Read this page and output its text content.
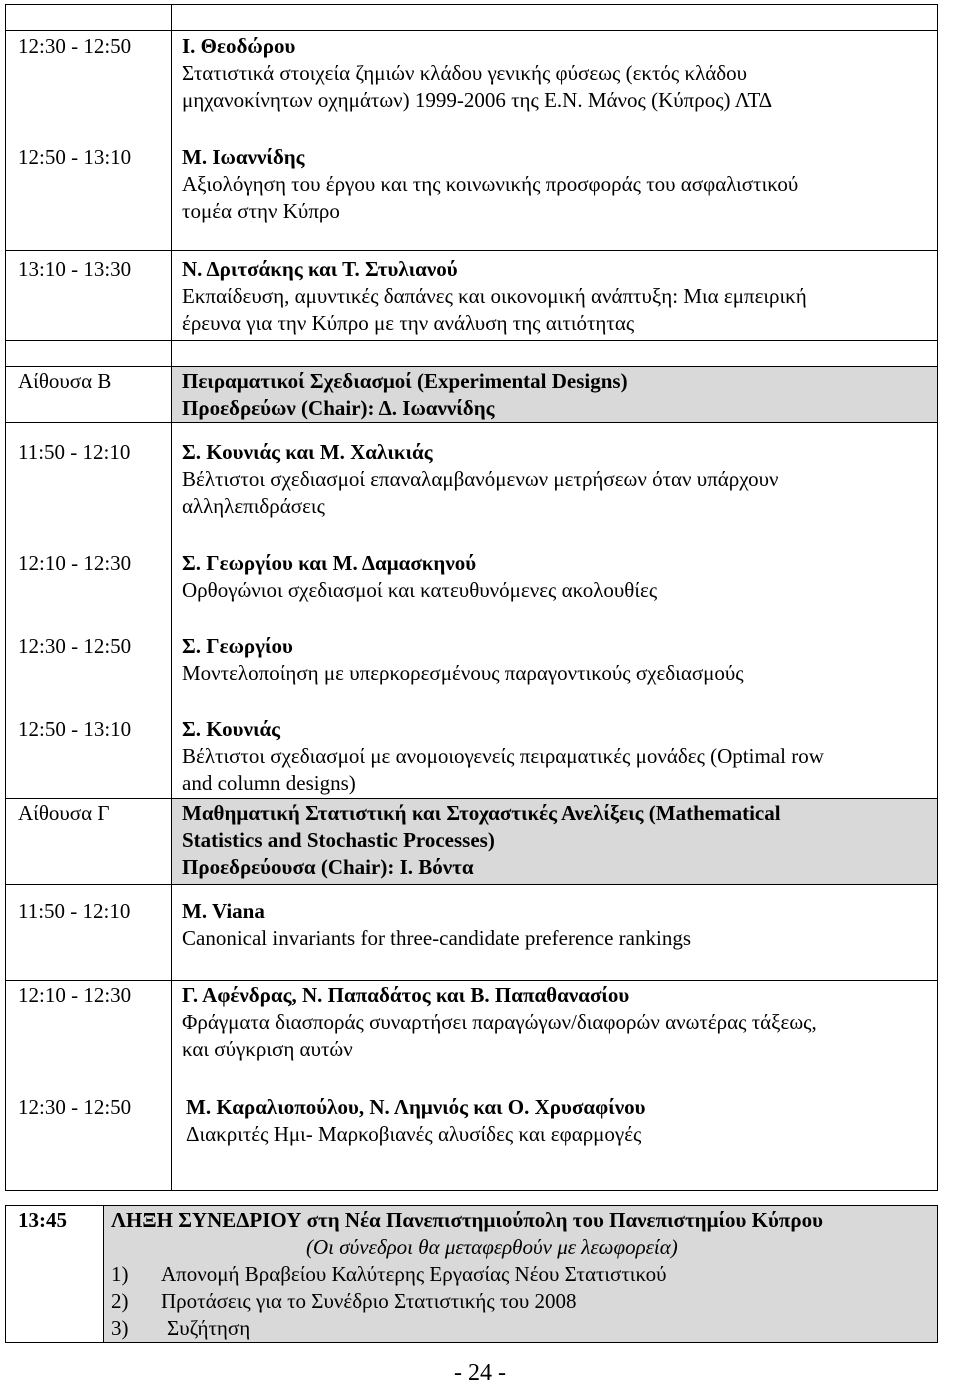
12:30 - 12:50 Ι. Θεοδώρου
Στατιστικά στοιχεία ζημιών κλάδου γενικής φύσεως (εκτός κλάδου
μηχανοκίνητων οχημάτων) 1999-2006 της Ε.Ν. Μάνος (Κύπρος) ΛΤΔ
12:50 - 13:10 Μ. Ιωαννίδης
Αξιολόγηση του έργου και της κοινωνικής προσφοράς του ασφαλιστικού
τομέα στην Κύπρο
13:10 - 13:30 Ν. Δριτσάκης και Τ. Στυλιανού
Εκπαίδευση, αμυντικές δαπάνες και οικονομική ανάπτυξη: Μια εμπειρική
έρευνα για την Κύπρο με την ανάλυση της αιτιότητας
Αίθουσα Β	Πειραματικοί Σχεδιασμοί (Experimental Designs)
Προεδρεύων (Chair): Δ. Ιωαννίδης
11:50 - 12:10 Σ. Κουνιάς και Μ. Χαλικιάς
Βέλτιστοι σχεδιασμοί επαναλαμβανόμενων μετρήσεων όταν υπάρχουν
αλληλεπιδράσεις
12:10 - 12:30 Σ. Γεωργίου και Μ. Δαμασκηνού
Ορθογώνιοι σχεδιασμοί και κατευθυνόμενες ακολουθίες
12:30 - 12:50 Σ. Γεωργίου
Μοντελοποίηση με υπερκορεσμένους παραγοντικούς σχεδιασμούς
12:50 - 13:10 Σ. Κουνιάς
Βέλτιστοι σχεδιασμοί με ανομοιογενείς πειραματικές μονάδες (Optimal row
and column designs)
Αίθουσα Γ	Μαθηματική Στατιστική και Στοχαστικές Ανελίξεις (Mathematical
Statistics and Stochastic Processes)
Προεδρεύουσα (Chair): Ι. Βόντα
11:50 - 12:10 M. Viana
Canonical invariants for three-candidate preference rankings
12:10 - 12:30 Γ. Αφένδρας, Ν. Παπαδάτος και Β. Παπαθανασίου
Φράγματα διασποράς συναρτήσει παραγώγων/διαφορών ανωτέρας τάξεως,
και σύγκριση αυτών
12:30 - 12:50	Μ. Καραλιοπούλου, Ν. Λημνιός και Ο. Χρυσαφίνου
Διακριτές Ημι- Μαρκοβιανές αλυσίδες και εφαρμογές
13:45 ΛΗΞΗ ΣΥΝΕΔΡΙΟΥ στη Νέα Πανεπιστημιούπολη του Πανεπιστημίου Κύπρου
(Οι σύνεδροι θα μεταφερθούν με λεωφορεία)
1) Απονομή Βραβείου Καλύτερης Εργασίας Νέου Στατιστικού
2) Προτάσεις για το Συνέδριο Στατιστικής του 2008
3) Συζήτηση
- 24 -
